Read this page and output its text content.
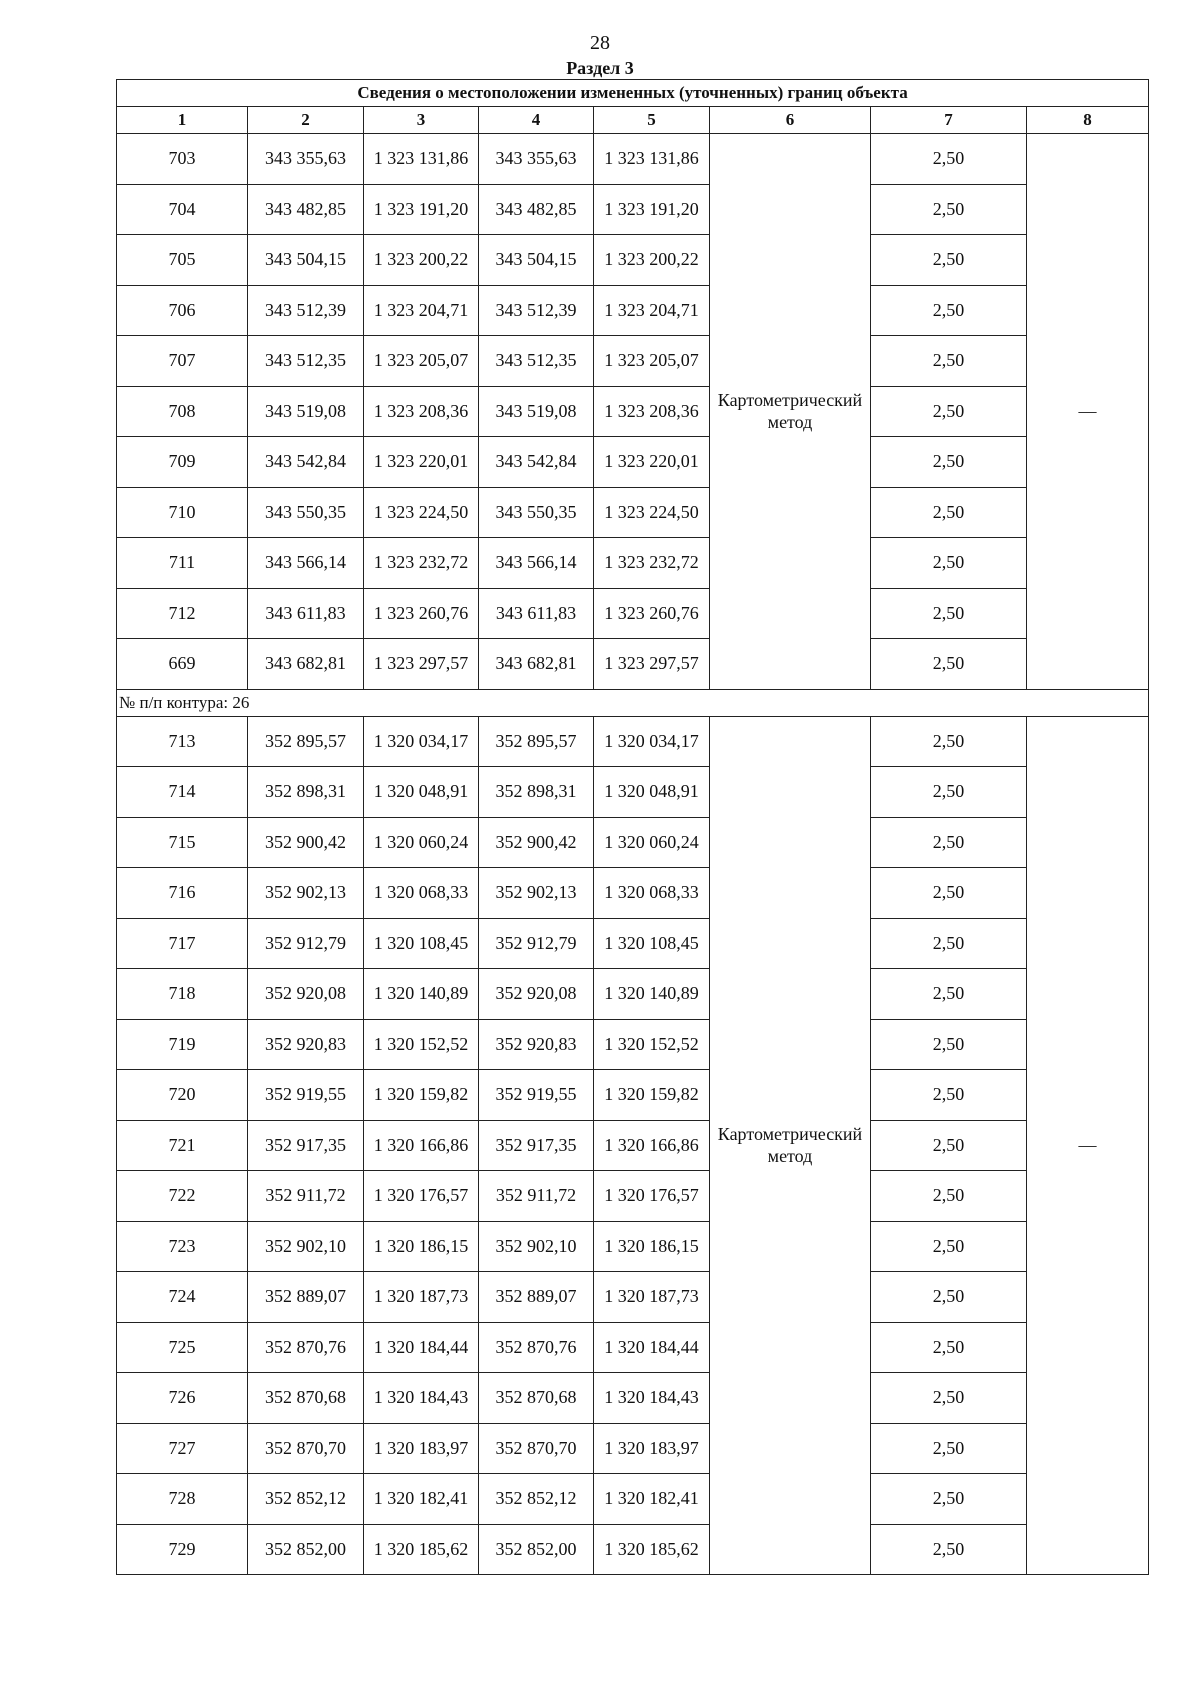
28
Раздел 3
Сведения о местоположении измененных (уточненных) границ объекта							
1	2	3	4	5	6	7	8
703	343 355,63	1 323 131,86	343 355,63	1 323 131,86	Картометрический метод	2,50	—
704	343 482,85	1 323 191,20	343 482,85	1 323 191,20		2,50	
705	343 504,15	1 323 200,22	343 504,15	1 323 200,22		2,50	
706	343 512,39	1 323 204,71	343 512,39	1 323 204,71		2,50	
707	343 512,35	1 323 205,07	343 512,35	1 323 205,07		2,50	
708	343 519,08	1 323 208,36	343 519,08	1 323 208,36		2,50	
709	343 542,84	1 323 220,01	343 542,84	1 323 220,01		2,50	
710	343 550,35	1 323 224,50	343 550,35	1 323 224,50		2,50	
711	343 566,14	1 323 232,72	343 566,14	1 323 232,72		2,50	
712	343 611,83	1 323 260,76	343 611,83	1 323 260,76		2,50	
669	343 682,81	1 323 297,57	343 682,81	1 323 297,57		2,50	
№ п/п контура: 26							
713	352 895,57	1 320 034,17	352 895,57	1 320 034,17	Картометрический метод	2,50	—
714	352 898,31	1 320 048,91	352 898,31	1 320 048,91		2,50	
715	352 900,42	1 320 060,24	352 900,42	1 320 060,24		2,50	
716	352 902,13	1 320 068,33	352 902,13	1 320 068,33		2,50	
717	352 912,79	1 320 108,45	352 912,79	1 320 108,45		2,50	
718	352 920,08	1 320 140,89	352 920,08	1 320 140,89		2,50	
719	352 920,83	1 320 152,52	352 920,83	1 320 152,52		2,50	
720	352 919,55	1 320 159,82	352 919,55	1 320 159,82		2,50	
721	352 917,35	1 320 166,86	352 917,35	1 320 166,86		2,50	
722	352 911,72	1 320 176,57	352 911,72	1 320 176,57		2,50	
723	352 902,10	1 320 186,15	352 902,10	1 320 186,15		2,50	
724	352 889,07	1 320 187,73	352 889,07	1 320 187,73		2,50	
725	352 870,76	1 320 184,44	352 870,76	1 320 184,44		2,50	
726	352 870,68	1 320 184,43	352 870,68	1 320 184,43		2,50	
727	352 870,70	1 320 183,97	352 870,70	1 320 183,97		2,50	
728	352 852,12	1 320 182,41	352 852,12	1 320 182,41		2,50	
729	352 852,00	1 320 185,62	352 852,00	1 320 185,62		2,50	
